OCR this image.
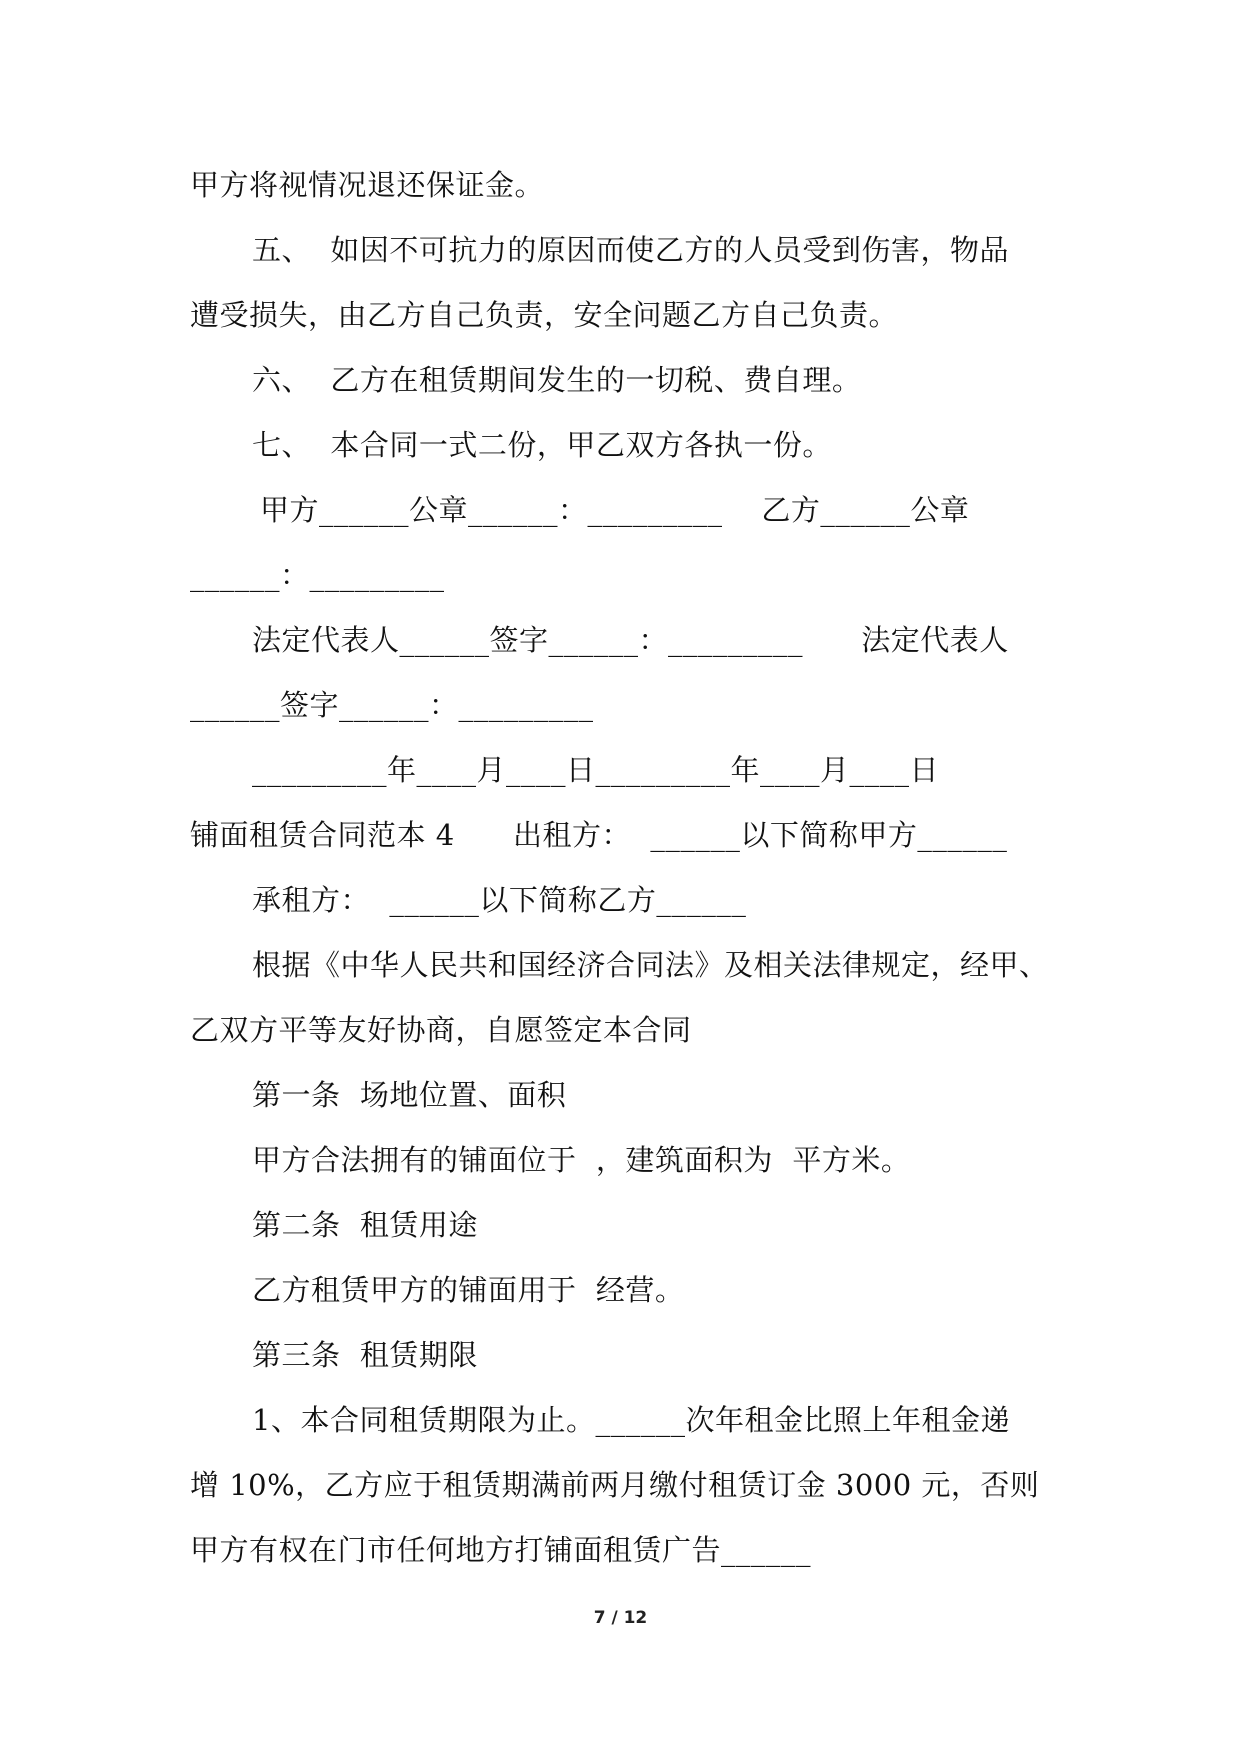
甲方将视情况退还保证金。
五、  如因不可抗力的原因而使乙方的人员受到伤害，物品
遭受损失，由乙方自己负责，安全问题乙方自己负责。
六、  乙方在租赁期间发生的一切税、费自理。
七、  本合同一式二份，甲乙双方各执一份。
甲方______公章______：_________    乙方______公章
______：_________
法定代表人______签字______：_________      法定代表人
______签字______：_________
_________年____月____日_________年____月____日
铺面租赁合同范本 4      出租方：  ______以下简称甲方______
承租方：  ______以下简称乙方______
根据《中华人民共和国经济合同法》及相关法律规定，经甲、
乙双方平等友好协商，自愿签定本合同
第一条  场地位置、面积
甲方合法拥有的铺面位于  ，建筑面积为  平方米。
第二条  租赁用途
乙方租赁甲方的铺面用于  经营。
第三条  租赁期限
1、本合同租赁期限为止。______次年租金比照上年租金递
增 10%，乙方应于租赁期满前两月缴付租赁订金 3000 元，否则
甲方有权在门市任何地方打铺面租赁广告______
7 / 12
